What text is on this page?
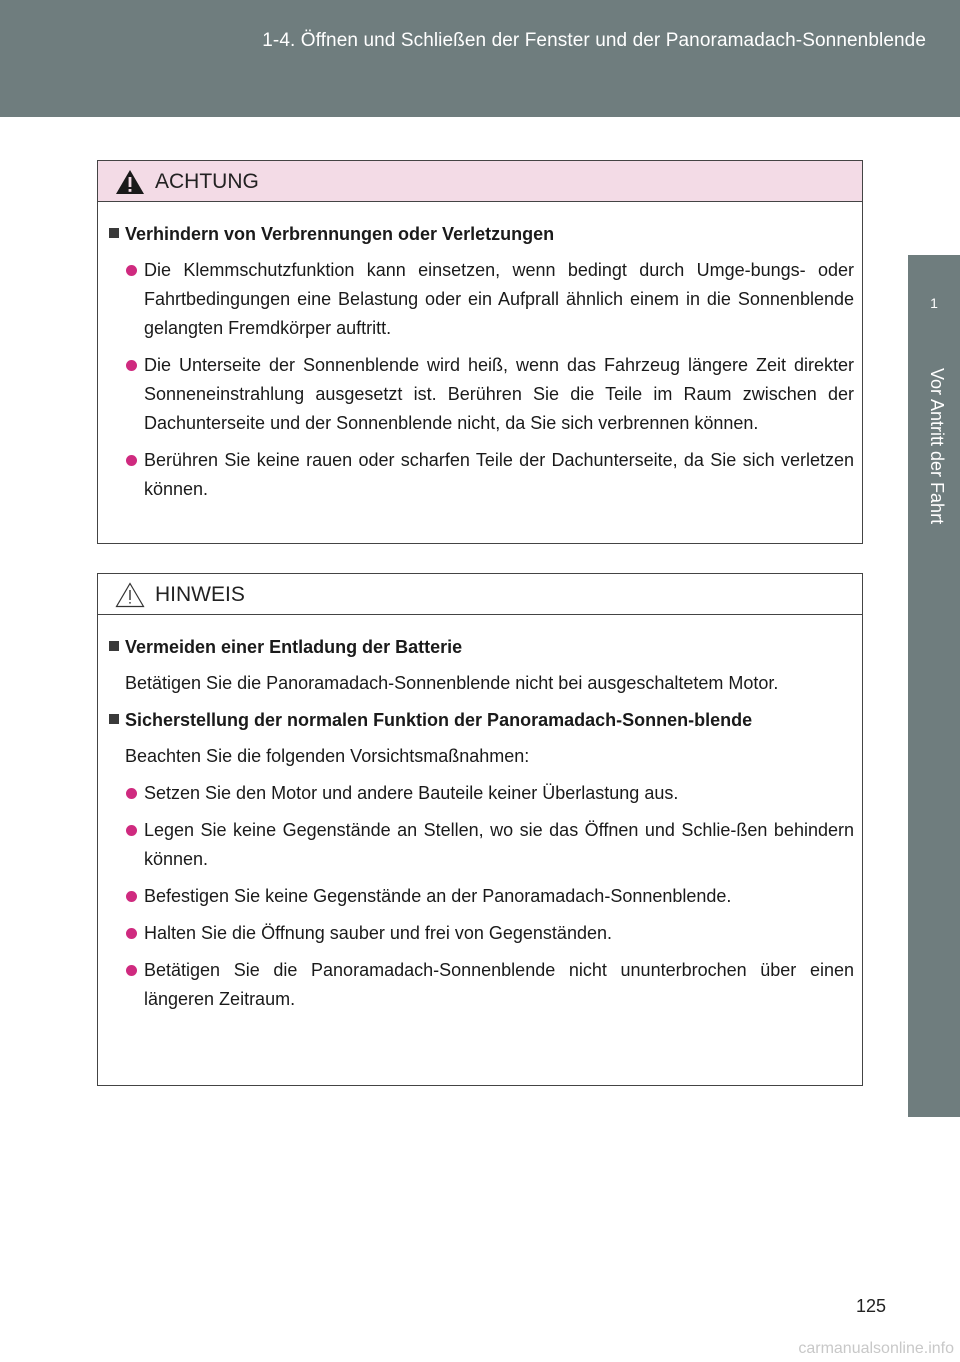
1-4. Öffnen und Schließen der Fenster und der Panoramadach-Sonnenblende
1
Vor Antritt der Fahrt
ACHTUNG
Verhindern von Verbrennungen oder Verletzungen
Die Klemmschutzfunktion kann einsetzen, wenn bedingt durch Umge-bungs- oder Fahrtbedingungen eine Belastung oder ein Aufprall ähnlich einem in die Sonnenblende gelangten Fremdkörper auftritt.
Die Unterseite der Sonnenblende wird heiß, wenn das Fahrzeug längere Zeit direkter Sonneneinstrahlung ausgesetzt ist. Berühren Sie die Teile im Raum zwischen der Dachunterseite und der Sonnenblende nicht, da Sie sich verbrennen können.
Berühren Sie keine rauen oder scharfen Teile der Dachunterseite, da Sie sich verletzen können.
HINWEIS
Vermeiden einer Entladung der Batterie
Betätigen Sie die Panoramadach-Sonnenblende nicht bei ausgeschaltetem Motor.
Sicherstellung der normalen Funktion der Panoramadach-Sonnen-blende
Beachten Sie die folgenden Vorsichtsmaßnahmen:
Setzen Sie den Motor und andere Bauteile keiner Überlastung aus.
Legen Sie keine Gegenstände an Stellen, wo sie das Öffnen und Schlie-ßen behindern können.
Befestigen Sie keine Gegenstände an der Panoramadach-Sonnenblende.
Halten Sie die Öffnung sauber und frei von Gegenständen.
Betätigen Sie die Panoramadach-Sonnenblende nicht ununterbrochen über einen längeren Zeitraum.
125
carmanualsonline.info
